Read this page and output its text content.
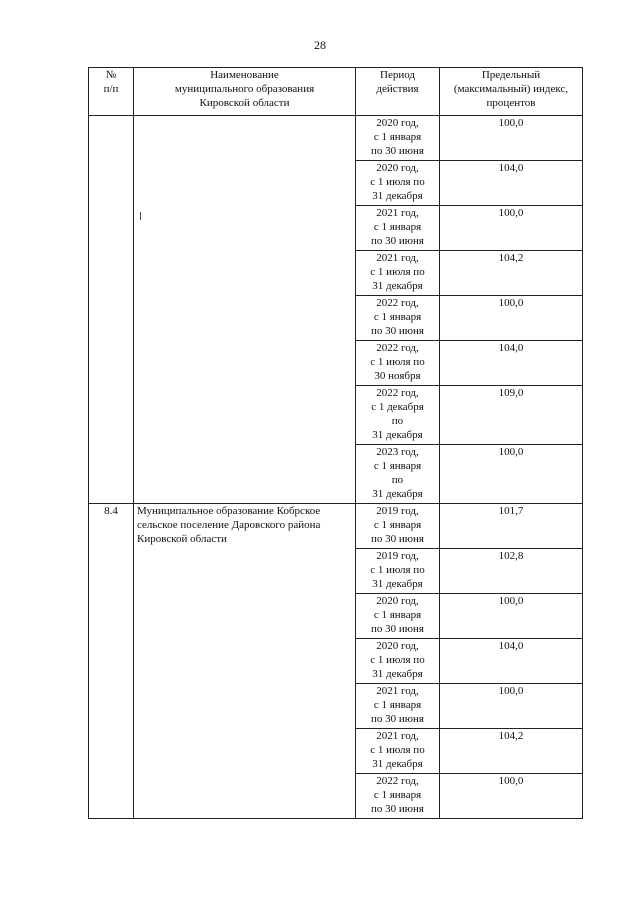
28
№
п/п	Наименование
муниципального образования
Кировской области	Период
действия	Предельный
(максимальный) индекс,
процентов
		2020 год,
с 1 января
по 30 июня	100,0
		2020 год,
с 1 июля по
31 декабря	104,0
		2021 год,
с 1 января
по 30 июня	100,0
		2021 год,
с 1 июля по
31 декабря	104,2
		2022 год,
с 1 января
по 30 июня	100,0
		2022 год,
с 1 июля по
30 ноября	104,0
		2022 год,
с 1 декабря
по
31 декабря	109,0
		2023 год,
с 1 января
по
31 декабря	100,0
8.4	Муниципальное образование Кобрское сельское поселение Даровского района Кировской области	2019 год,
с 1 января
по 30 июня	101,7
		2019 год,
с 1 июля по
31 декабря	102,8
		2020 год,
с 1 января
по 30 июня	100,0
		2020 год,
с 1 июля по
31 декабря	104,0
		2021 год,
с 1 января
по 30 июня	100,0
		2021 год,
с 1 июля по
31 декабря	104,2
		2022 год,
с 1 января
по 30 июня	100,0
